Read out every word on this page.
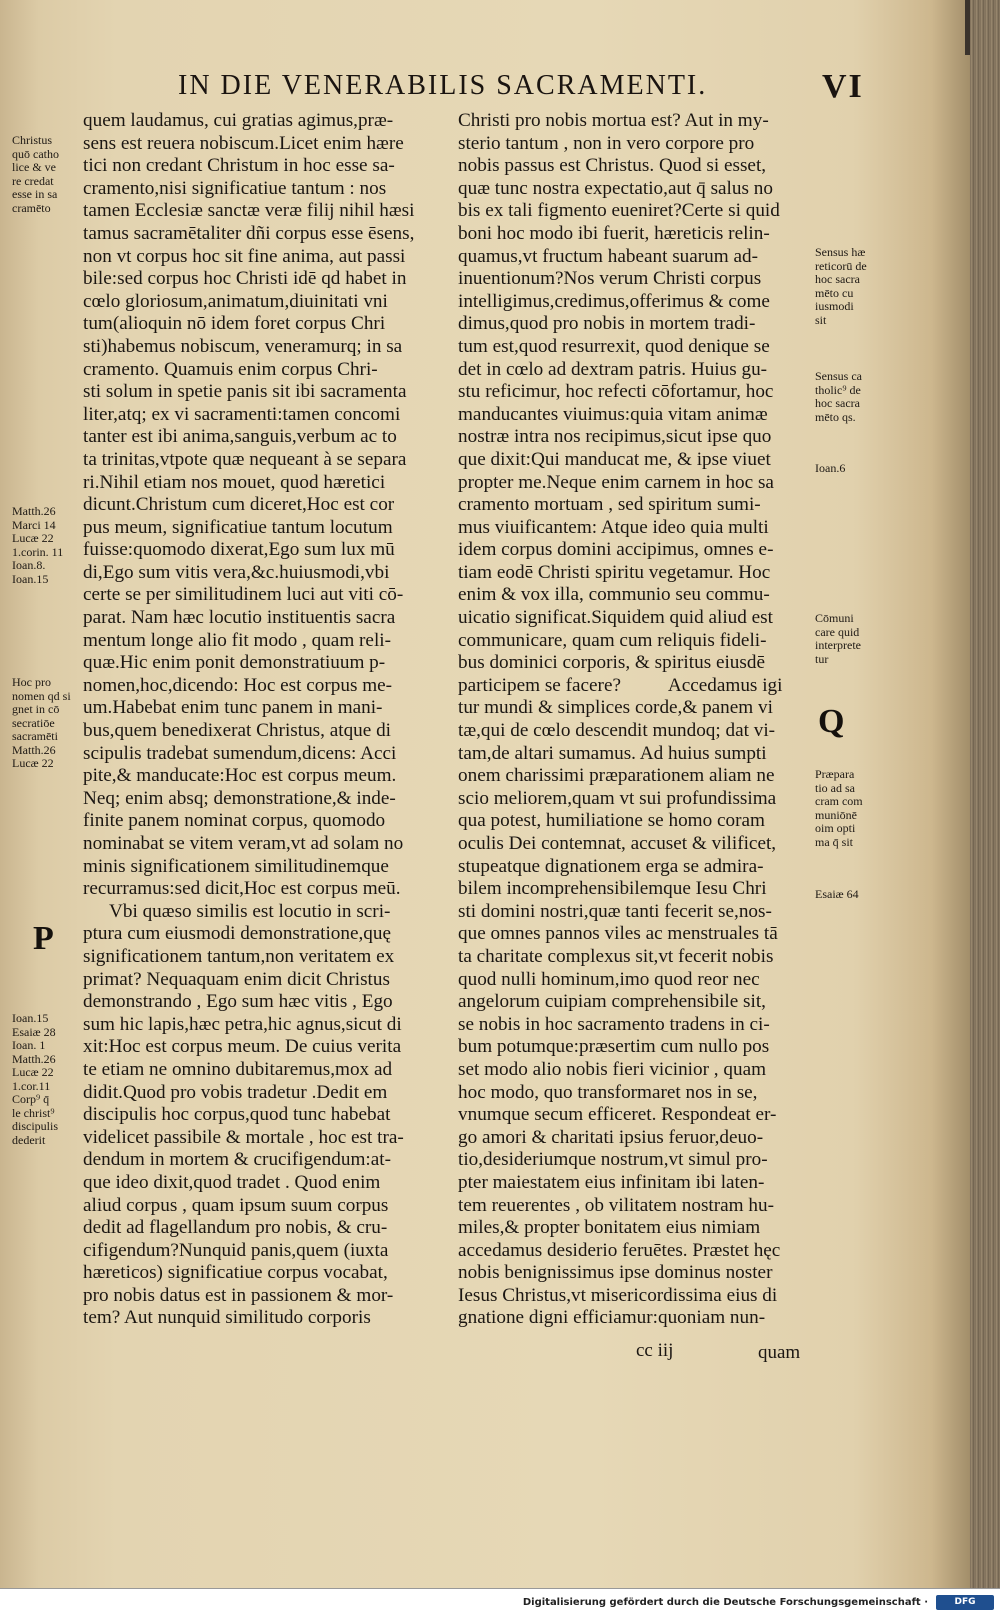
IN DIE VENERABILIS SACRAMENTI.	VI
quem laudamus, cui gratias agimus,præ-
sens est reuera nobiscum.Licet enim hære
tici non credant Christum in hoc esse sa-
cramento,nisi significatiue tantum : nos
tamen Ecclesiæ sanctæ veræ filij nihil hæsi
tamus sacramētaliter dñi corpus esse ēsens,
non vt corpus hoc sit fine anima, aut passi
bile:sed corpus hoc Christi idē qd habet in
cœlo gloriosum,animatum,diuinitati vni
tum(alioquin nō idem foret corpus Chri
sti)habemus nobiscum, veneramurq; in sa
cramento. Quamuis enim corpus Chri-
sti solum in spetie panis sit ibi sacramenta
liter,atq; ex vi sacramenti:tamen concomi
tanter est ibi anima,sanguis,verbum ac to
ta trinitas,vtpote quæ nequeant à se separa
ri.Nihil etiam nos mouet, quod hæretici
dicunt.Christum cum diceret,Hoc est cor
pus meum, significatiue tantum locutum
fuisse:quomodo dixerat,Ego sum lux mū
di,Ego sum vitis vera,&c.huiusmodi,vbi
certe se per similitudinem luci aut viti cō-
parat. Nam hæc locutio instituentis sacra
mentum longe alio fit modo , quam reli-
quæ.Hic enim ponit demonstratiuum p-
nomen,hoc,dicendo: Hoc est corpus me-
um.Habebat enim tunc panem in mani-
bus,quem benedixerat Christus, atque di
scipulis tradebat sumendum,dicens: Acci
pite,& manducate:Hoc est corpus meum.
Neq; enim absq; demonstratione,& inde-
finite panem nominat corpus, quomodo
nominabat se vitem veram,vt ad solam no
minis significationem similitudinemque
recurramus:sed dicit,Hoc est corpus meū.
Vbi quæso similis est locutio in scri-
ptura cum eiusmodi demonstratione,quę
significationem tantum,non veritatem ex
primat? Nequaquam enim dicit Christus
demonstrando , Ego sum hæc vitis , Ego
sum hic lapis,hæc petra,hic agnus,sicut di
xit:Hoc est corpus meum. De cuius verita
te etiam ne omnino dubitaremus,mox ad
didit.Quod pro vobis tradetur .Dedit em
discipulis hoc corpus,quod tunc habebat
videlicet passibile & mortale , hoc est tra-
dendum in mortem & crucifigendum:at-
que ideo dixit,quod tradet . Quod enim
aliud corpus , quam ipsum suum corpus
dedit ad flagellandum pro nobis, & cru-
cifigendum?Nunquid panis,quem (iuxta
hæreticos) significatiue corpus vocabat,
pro nobis datus est in passionem & mor-
tem? Aut nunquid similitudo corporis
Christi pro nobis mortua est? Aut in my-
sterio tantum , non in vero corpore pro
nobis passus est Christus. Quod si esset,
quæ tunc nostra expectatio,aut q̄ salus no
bis ex tali figmento eueniret?Certe si quid
boni hoc modo ibi fuerit, hæreticis relin-
quamus,vt fructum habeant suarum ad-
inuentionum?Nos verum Christi corpus
intelligimus,credimus,offerimus & come
dimus,quod pro nobis in mortem tradi-
tum est,quod resurrexit, quod denique se
det in cœlo ad dextram patris. Huius gu-
stu reficimur, hoc refecti cōfortamur, hoc
manducantes viuimus:quia vitam animæ
nostræ intra nos recipimus,sicut ipse quo
que dixit:Qui manducat me, & ipse viuet
propter me.Neque enim carnem in hoc sa
cramento mortuam , sed spiritum sumi-
mus viuificantem: Atque ideo quia multi
idem corpus domini accipimus, omnes e-
tiam eodē Christi spiritu vegetamur. Hoc
enim & vox illa, communio seu commu-
uicatio significat.Siquidem quid aliud est
communicare, quam cum reliquis fideli-
bus dominici corporis, & spiritus eiusdē
participem se facere?          Accedamus igi
tur mundi & simplices corde,& panem vi
tæ,qui de cœlo descendit mundoq; dat vi-
tam,de altari sumamus. Ad huius sumpti
onem charissimi præparationem aliam ne
scio meliorem,quam vt sui profundissima
qua potest, humiliatione se homo coram
oculis Dei contemnat, accuset & vilificet,
stupeatque dignationem erga se admira-
bilem incomprehensibilemque Iesu Chri
sti domini nostri,quæ tanti fecerit se,nos-
que omnes pannos viles ac menstruales tā
ta charitate complexus sit,vt fecerit nobis
quod nulli hominum,imo quod reor nec
angelorum cuipiam comprehensibile sit,
se nobis in hoc sacramento tradens in ci-
bum potumque:præsertim cum nullo pos
set modo alio nobis fieri vicinior , quam
hoc modo, quo transformaret nos in se,
vnumque secum efficeret. Respondeat er-
go amori & charitati ipsius feruor,deuo-
tio,desideriumque nostrum,vt simul pro-
pter maiestatem eius infinitam ibi laten-
tem reuerentes , ob vilitatem nostram hu-
miles,& propter bonitatem eius nimiam
accedamus desiderio feruētes. Præstet hęc
nobis benignissimus ipse dominus noster
Iesus Christus,vt misericordissima eius di
gnatione digni efficiamur:quoniam nun-
Christus
quō catho
lice & ve
re credat
esse in sa
cramēto
Matth.26
Marci 14
Lucæ 22
1.corin. 11
Ioan.8.
Ioan.15
Hoc pro
nomen qd si
gnet in cō
secratiōe
sacramēti
Matth.26
Lucæ 22
P
Ioan.15
Esaiæ 28
Ioan. 1
Matth.26
Lucæ 22
1.cor.11
Corp⁹ q̄
le christ⁹
discipulis
dederit
Sensus hæ
reticorū de
hoc sacra
mēto cu
iusmodi
sit
Sensus ca
tholic⁹ de
hoc sacra
mēto qs.
Ioan.6
Cōmuni
care quid
interprete
tur
Q
Præpara
tio ad sa
cram com
muniōnē
oim opti
ma q̄ sit
Esaiæ 64
cc iij	quam
Digitalisierung gefördert durch die Deutsche Forschungsgemeinschaft ·	DFG
